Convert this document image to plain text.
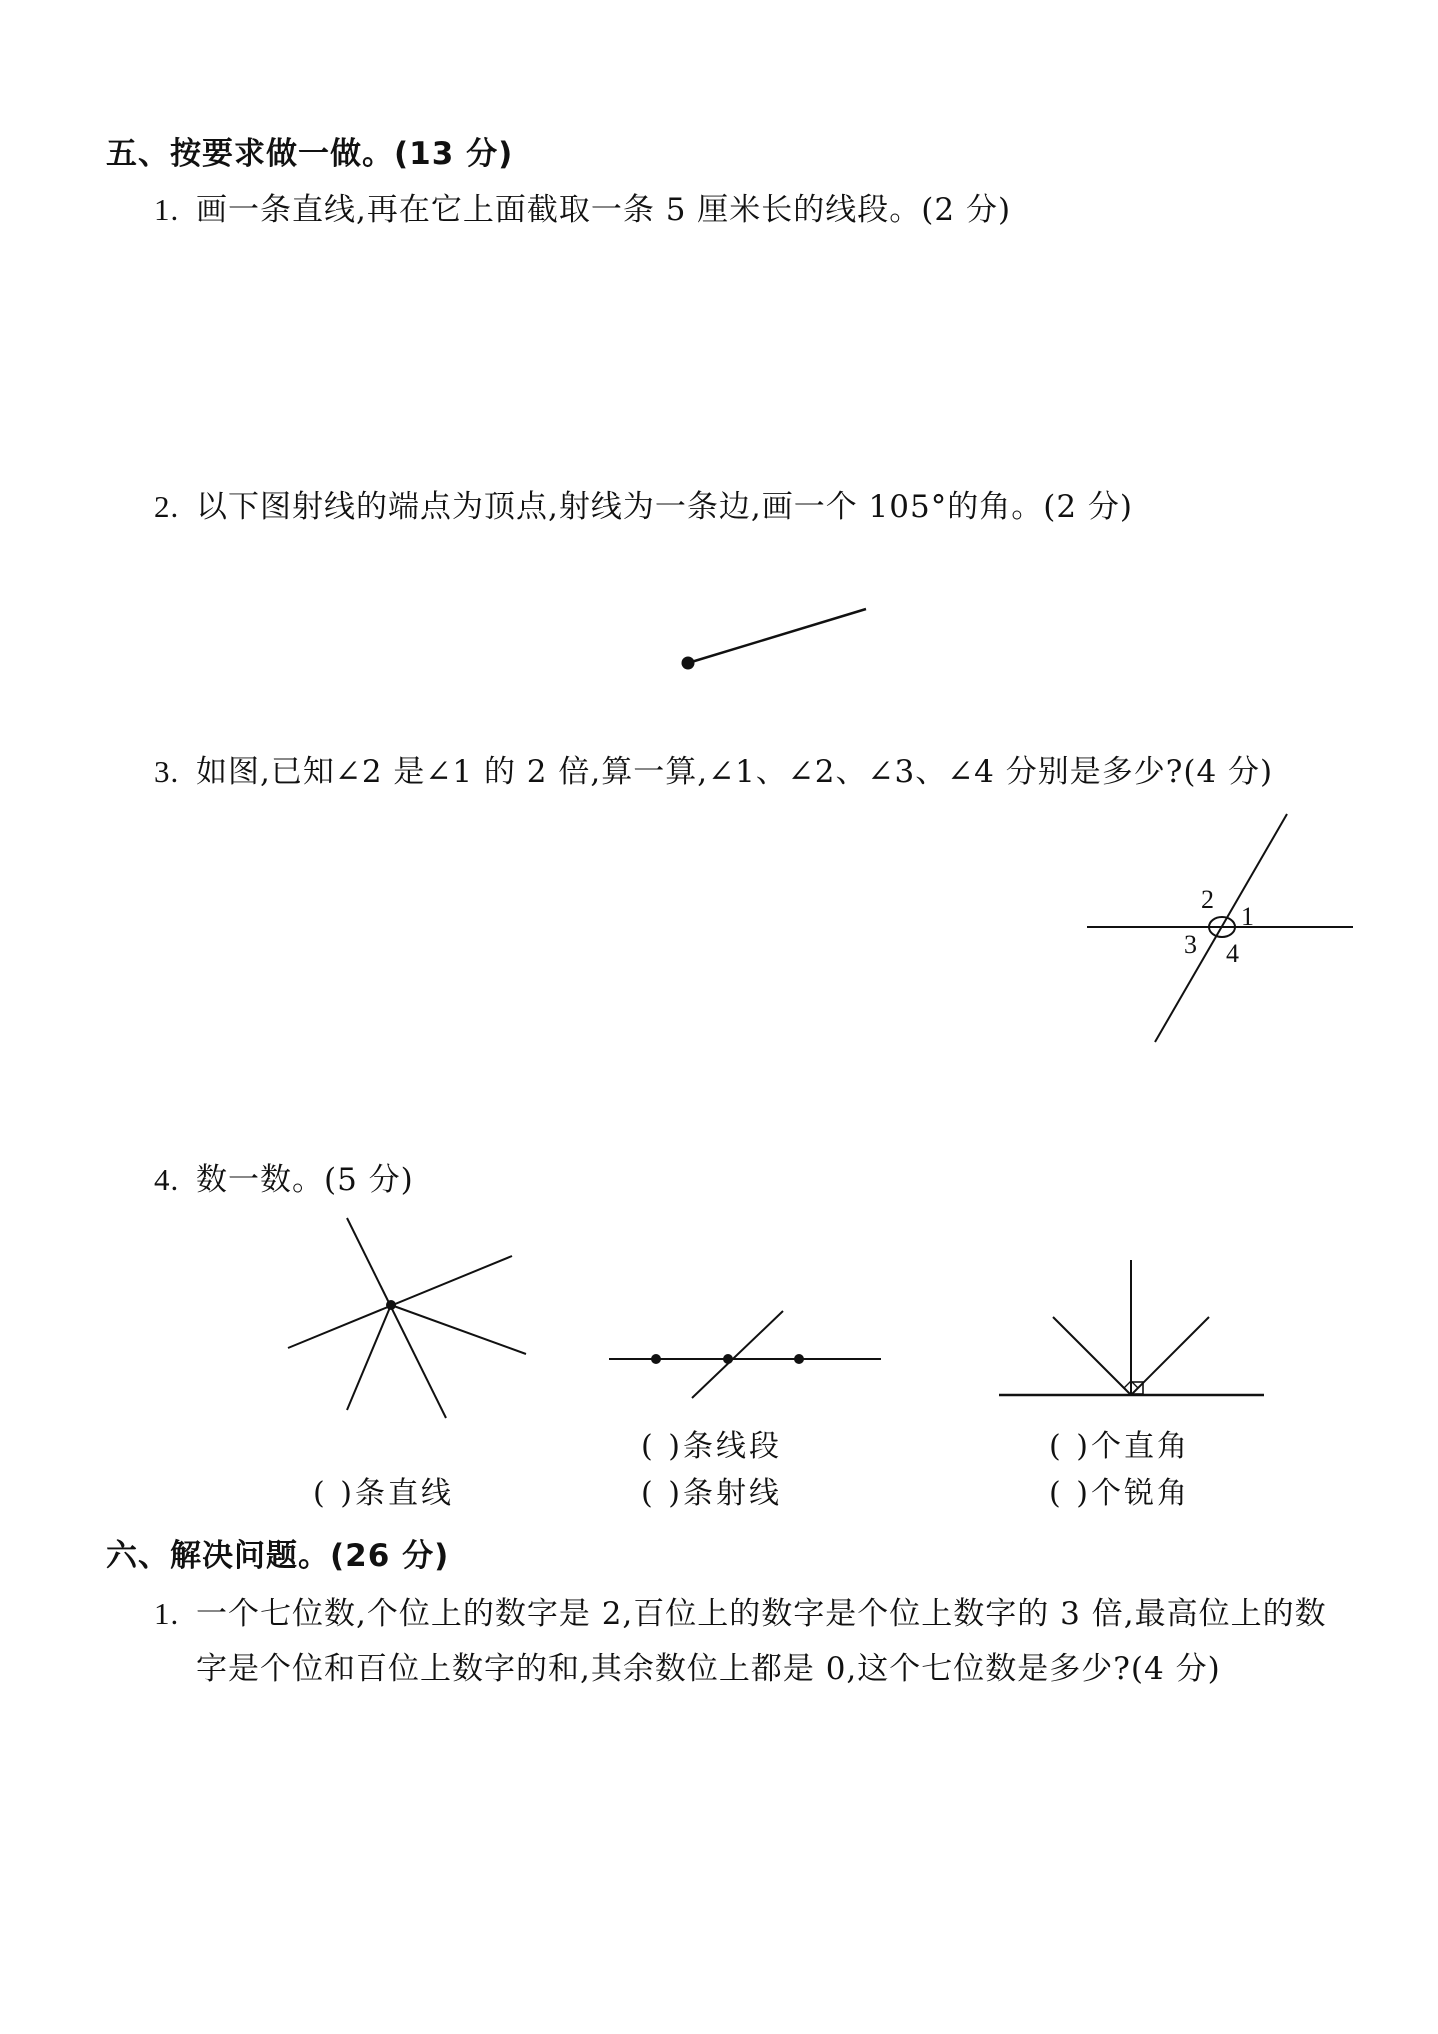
五、按要求做一做。(13 分)
1. 画一条直线,再在它上面截取一条 5 厘米长的线段。(2 分)
2. 以下图射线的端点为顶点,射线为一条边,画一个 105°的角。(2 分)
3. 如图,已知∠2 是∠1 的 2 倍,算一算,∠1、∠2、∠3、∠4 分别是多少?(4 分)
2
1
3 4
4. 数一数。(5 分)
( )条直线
( )条线段
( )条射线
( )个直角
( )个锐角
六、解决问题。(26 分)
1. 一个七位数,个位上的数字是 2,百位上的数字是个位上数字的 3 倍,最高位上的数
字是个位和百位上数字的和,其余数位上都是 0,这个七位数是多少?(4 分)
